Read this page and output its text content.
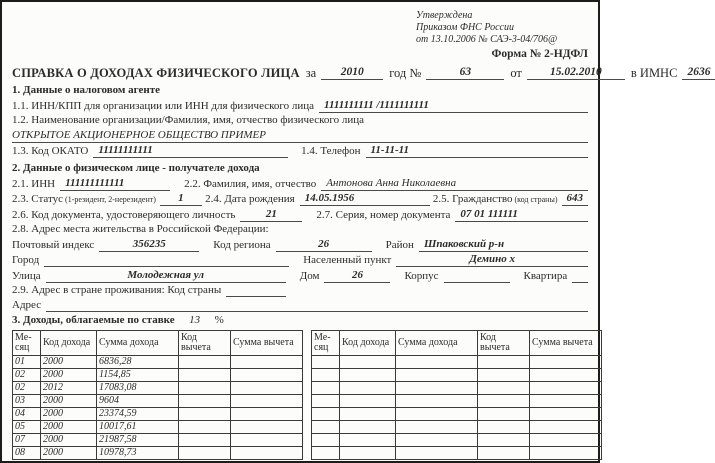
Утверждена
Приказом ФНС России
от 13.10.2006 № САЭ-3-04/706@
Форма № 2-НДФЛ
СПРАВКА О ДОХОДАХ ФИЗИЧЕСКОГО ЛИЦА за	2010	год №	63	от	15.02.2010	в ИМНС 2636
1. Данные о налоговом агенте
1.1. ИНН/КПП для организации или ИНН для физического лица 1111111111 /1111111111
1.2. Наименование организации/Фамилия, имя, отчество физического лица
ОТКРЫТОЕ АКЦИОНЕРНОЕ ОБЩЕСТВО ПРИМЕР
1.3. Код ОКАТО 11111111111	1.4. Телефон 11-11-11
2. Данные о физическом лице - получателе дохода
2.1. ИНН 111111111111	2.2. Фамилия, имя, отчество Антонова Анна Николаевна
2.3. Статус (1-резидент, 2-нерезидент)	1	2.4. Дата рождения 14.05.1956	2.5. Гражданство (код страны) 643
2.6. Код документа, удостоверяющего личность	21	2.7. Серия, номер документа 07 01 111111
2.8. Адрес места жительства в Российской Федерации:
Почтовый индекс	356235	Код региона	26	Район Шпаковский р-н
Город	Населенный пункт	Демино х
Улица	Молодежная ул	Дом	26	Корпус	Квартира
2.9. Адрес в стране проживания: Код страны
Адрес
3. Доходы, облагаемые по ставке	13	%
Ме-сяц	Код дохода	Сумма дохода	Код вычета	Сумма вычета
01	2000	6836,28		
02	2000	1154,85		
02	2012	17083,08		
03	2000	9604		
04	2000	23374,59		
05	2000	10017,61		
07	2000	21987,58		
08	2000	10978,73		
Ме-сяц	Код дохода	Сумма дохода	Код вычета	Сумма вычета
